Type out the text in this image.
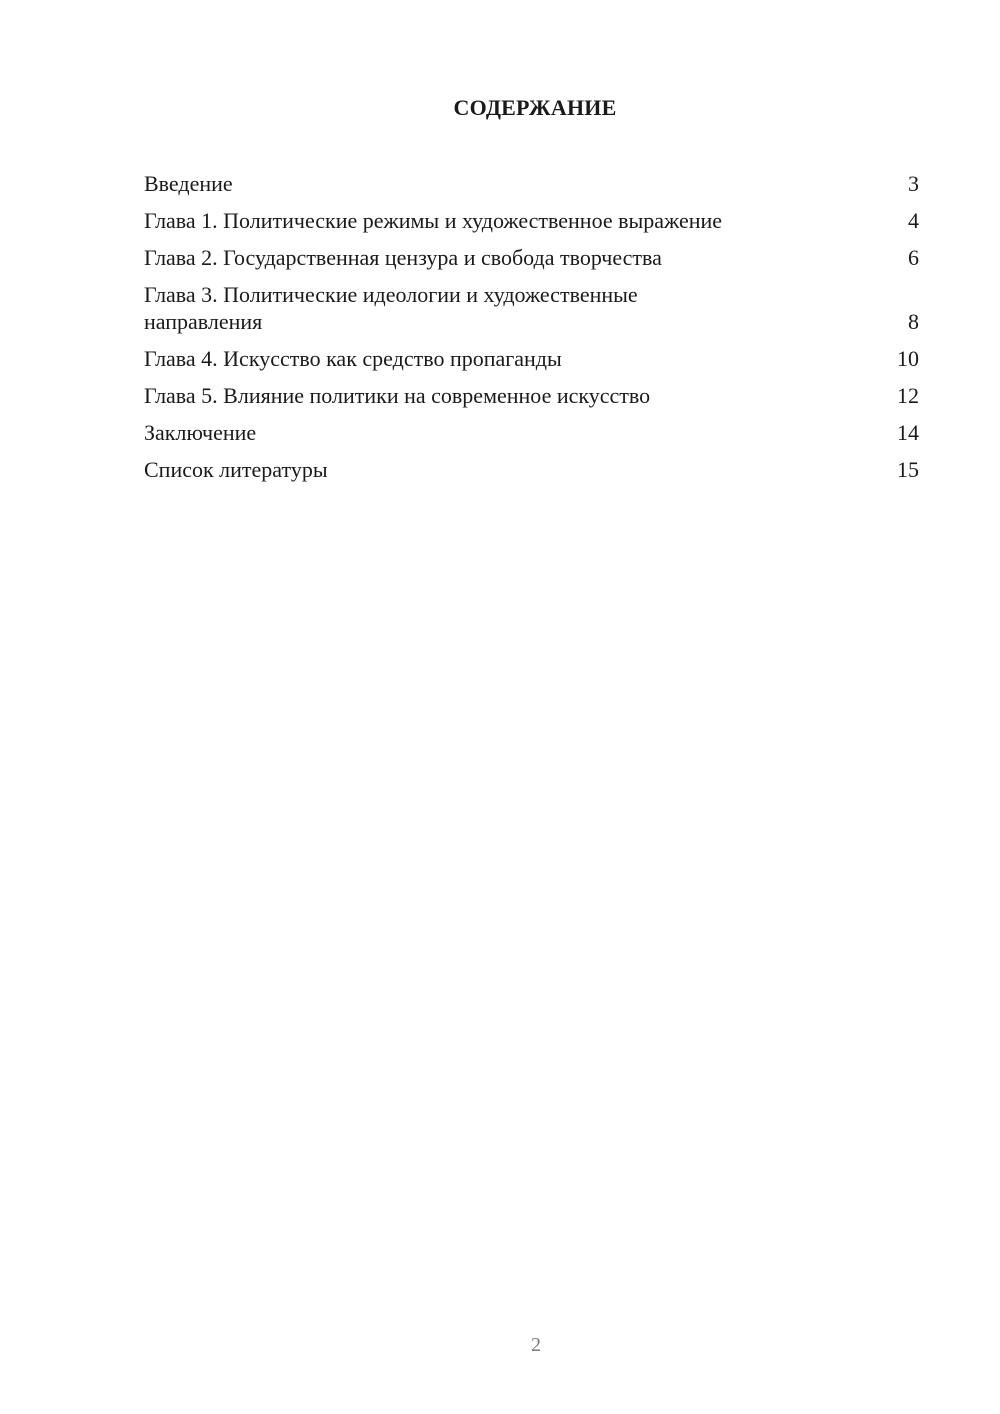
СОДЕРЖАНИЕ
Введение	3
Глава 1. Политические режимы и художественное выражение	4
Глава 2. Государственная цензура и свобода творчества	6
Глава 3. Политические идеологии и художественные направления	8
Глава 4. Искусство как средство пропаганды	10
Глава 5. Влияние политики на современное искусство	12
Заключение	14
Список литературы	15
2
